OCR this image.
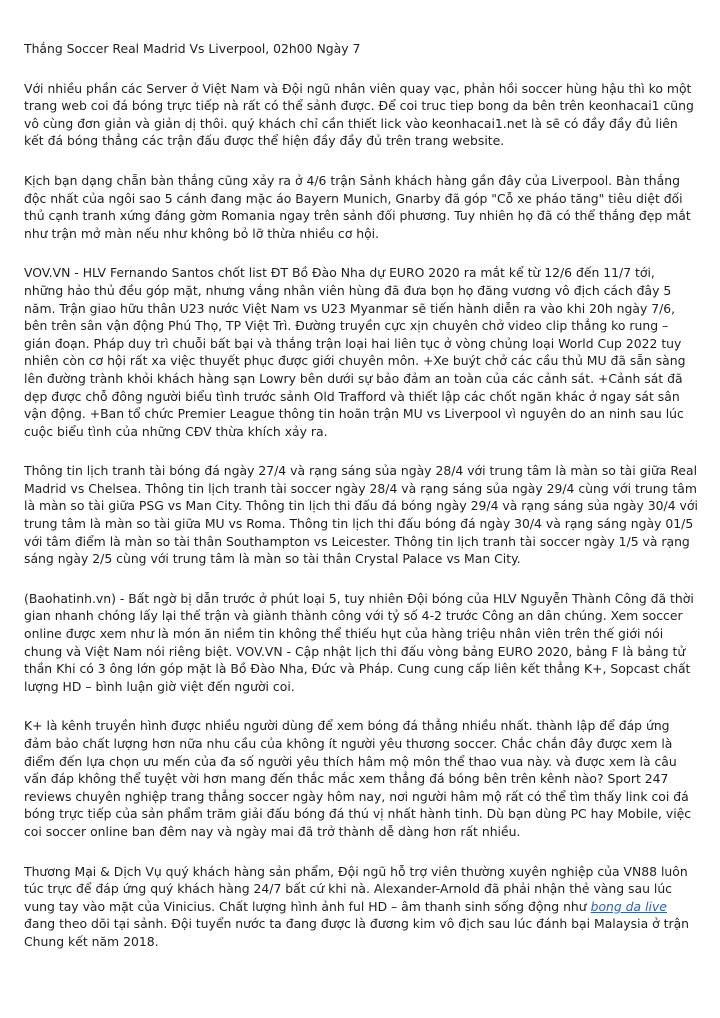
Thắng Soccer Real Madrid Vs Liverpool, 02h00 Ngày 7

Với nhiều phần các Server ở Việt Nam và Đội ngũ nhân viên quay vạc, phản hồi soccer hùng hậu thì ko một trang web coi đá bóng trực tiếp nà rất có thể sảnh được. Để coi truc tiep bong da bên trên keonhacai1 cũng vô cùng đơn giản và giản dị thôi. quý khách chỉ cần thiết lick vào keonhacai1.net là sẽ có đầy đầy đủ liên kết đá bóng thẳng các trận đấu được thể hiện đầy đầy đủ trên trang website.

Kịch bạn dạng chẵn bàn thắng cũng xảy ra ở 4/6 trận Sảnh khách hàng gần đây của Liverpool. Bàn thắng độc nhất của ngôi sao 5 cánh đang mặc áo Bayern Munich, Gnarby đã góp "Cỗ xe pháo tăng" tiêu diệt đối thủ cạnh tranh xứng đáng gờm Romania ngay trên sảnh đối phương. Tuy nhiên họ đã có thể thắng đẹp mắt như trận mở màn nếu như không bỏ lỡ thừa nhiều cơ hội.

VOV.VN - HLV Fernando Santos chốt list ĐT Bồ Đào Nha dự EURO 2020 ra mắt kể từ 12/6 đến 11/7 tới, những hảo thủ đều góp mặt, nhưng vắng nhân viên hùng đã đưa bọn họ đăng vương vô địch cách đây 5 năm. Trận giao hữu thân U23 nước Việt Nam vs U23 Myanmar sẽ tiến hành diễn ra vào khi 20h ngày 7/6, bên trên sân vận động Phú Thọ, TP Việt Trì. Đường truyền cực xịn chuyên chở video clip thẳng ko rung – gián đoạn. Pháp duy trì chuỗi bất bại và thắng trận loại hai liên tục ở vòng chủng loại World Cup 2022 tuy nhiên còn cơ hội rất xa việc thuyết phục được giới chuyên môn. +Xe buýt chở các cầu thủ MU đã sẵn sàng lên đường trành khỏi khách hàng sạn Lowry bên dưới sự bảo đảm an toàn của các cảnh sát. +Cảnh sát đã dẹp được chỗ đông người biểu tình trước sảnh Old Trafford và thiết lập các chốt ngăn khác ở ngay sát sân vận động. +Ban tổ chức Premier League thông tin hoãn trận MU vs Liverpool vì nguyên do an ninh sau lúc cuộc biểu tình của những CĐV thừa khích xảy ra.

Thông tin lịch tranh tài bóng đá ngày 27/4 và rạng sáng sủa ngày 28/4 với trung tâm là màn so tài giữa Real Madrid vs Chelsea. Thông tin lịch tranh tài soccer ngày 28/4 và rạng sáng sủa ngày 29/4 cùng với trung tâm là màn so tài giữa PSG vs Man City. Thông tin lịch thi đấu đá bóng ngày 29/4 và rạng sáng sủa ngày 30/4 với trung tâm là màn so tài giữa MU vs Roma. Thông tin lịch thi đấu bóng đá ngày 30/4 và rạng sáng ngày 01/5 với tâm điểm là màn so tài thân Southampton vs Leicester. Thông tin lịch tranh tài soccer ngày 1/5 và rạng sáng ngày 2/5 cùng với trung tâm là màn so tài thân Crystal Palace vs Man City.

(Baohatinh.vn) - Bất ngờ bị dẫn trước ở phút loại 5, tuy nhiên Đội bóng của HLV Nguyễn Thành Công đã thời gian nhanh chóng lấy lại thế trận và giành thành công với tỷ số 4-2 trước Công an dân chúng. Xem soccer online được xem như là món ăn niềm tin không thể thiếu hụt của hàng triệu nhân viên trên thế giới nói chung và Việt Nam nói riêng biệt. VOV.VN - Cập nhật lịch thi đấu vòng bảng EURO 2020, bảng F là bảng tử thần Khi có 3 ông lớn góp mặt là Bồ Đào Nha, Đức và Pháp. Cung cung cấp liên kết thẳng K+, Sopcast chất lượng HD – bình luận giờ việt đến người coi.

K+ là kênh truyền hình được nhiều người dùng để xem bóng đá thẳng nhiều nhất. thành lập để đáp ứng đảm bảo chất lượng hơn nữa nhu cầu của không ít người yêu thương soccer. Chắc chắn đây được xem là điểm đến lựa chọn ưu mến của đa số người yêu thích hâm mộ môn thể thao vua này. và được xem là câu vấn đáp không thể tuyệt vời hơn mang đến thắc mắc xem thẳng đá bóng bên trên kênh nào? Sport 247 reviews chuyên nghiệp trang thẳng soccer ngày hôm nay, nơi người hâm mộ rất có thể tìm thấy link coi đá bóng trực tiếp của sản phẩm trăm giải đấu bóng đá thú vị nhất hành tinh. Dù bạn dùng PC hay Mobile, việc coi soccer online ban đêm nay và ngày mai đã trở thành dễ dàng hơn rất nhiều.

Thương Mại & Dịch Vụ quý khách hàng sản phẩm, Đội ngũ hỗ trợ viên thường xuyên nghiệp của VN88 luôn túc trực để đáp ứng quý khách hàng 24/7 bất cứ khi nà. Alexander-Arnold đã phải nhận thẻ vàng sau lúc vung tay vào mặt của Vinicius. Chất lượng hình ảnh ful HD – âm thanh sinh sống động như bong da live đang theo dõi tại sảnh. Đội tuyển nước ta đang được là đương kim vô địch sau lúc đánh bại Malaysia ở trận Chung kết năm 2018.
